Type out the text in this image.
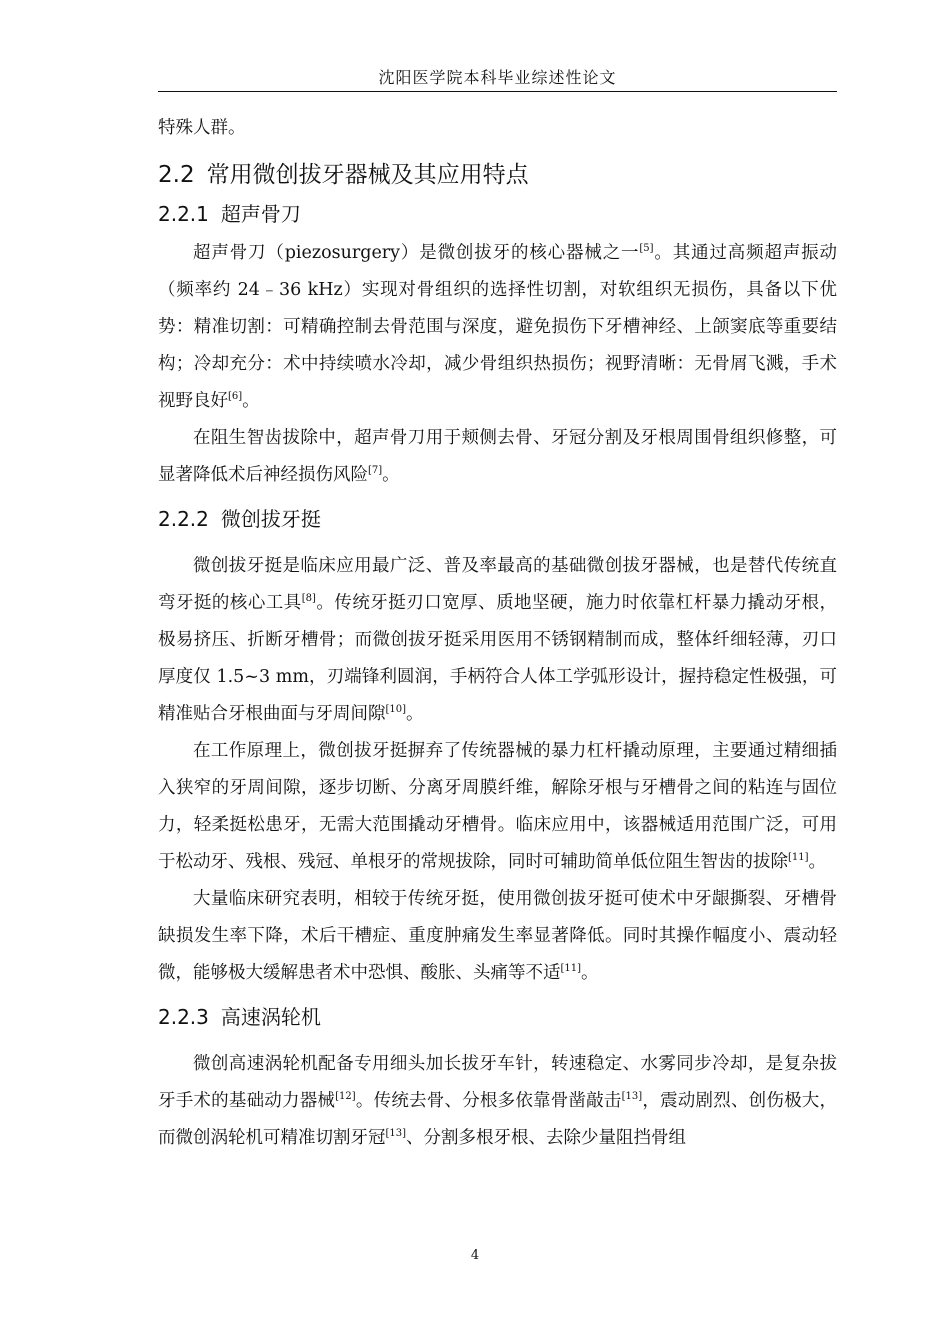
沈阳医学院本科毕业综述性论文

特殊人群。

2.2 常用微创拔牙器械及其应用特点
2.2.1 超声骨刀

超声骨刀（piezosurgery）是微创拔牙的核心器械之一[5]。其通过高频超声振动（频率约 24﹣36 kHz）实现对骨组织的选择性切割，对软组织无损伤，具备以下优势：精准切割：可精确控制去骨范围与深度，避免损伤下牙槽神经、上颌窦底等重要结构；冷却充分：术中持续喷水冷却，减少骨组织热损伤；视野清晰：无骨屑飞溅，手术视野良好[6]。

在阻生智齿拔除中，超声骨刀用于颊侧去骨、牙冠分割及牙根周围骨组织修整，可显著降低术后神经损伤风险[7]。

2.2.2 微创拔牙挺

微创拔牙挺是临床应用最广泛、普及率最高的基础微创拔牙器械，也是替代传统直弯牙挺的核心工具[8]。传统牙挺刃口宽厚、质地坚硬，施力时依靠杠杆暴力撬动牙根，极易挤压、折断牙槽骨；而微创拔牙挺采用医用不锈钢精制而成，整体纤细轻薄，刃口厚度仅 1.5~3 mm，刃端锋利圆润，手柄符合人体工学弧形设计，握持稳定性极强，可精准贴合牙根曲面与牙周间隙[10]。

在工作原理上，微创拔牙挺摒弃了传统器械的暴力杠杆撬动原理，主要通过精细插入狭窄的牙周间隙，逐步切断、分离牙周膜纤维，解除牙根与牙槽骨之间的粘连与固位力，轻柔挺松患牙，无需大范围撬动牙槽骨。临床应用中，该器械适用范围广泛，可用于松动牙、残根、残冠、单根牙的常规拔除，同时可辅助简单低位阻生智齿的拔除[11]。

大量临床研究表明，相较于传统牙挺，使用微创拔牙挺可使术中牙龈撕裂、牙槽骨缺损发生率下降，术后干槽症、重度肿痛发生率显著降低。同时其操作幅度小、震动轻微，能够极大缓解患者术中恐惧、酸胀、头痛等不适[11]。

2.2.3 高速涡轮机

微创高速涡轮机配备专用细头加长拔牙车针，转速稳定、水雾同步冷却，是复杂拔牙手术的基础动力器械[12]。传统去骨、分根多依靠骨凿敲击[13]，震动剧烈、创伤极大，而微创涡轮机可精准切割牙冠[13]、分割多根牙根、去除少量阻挡骨组

4
